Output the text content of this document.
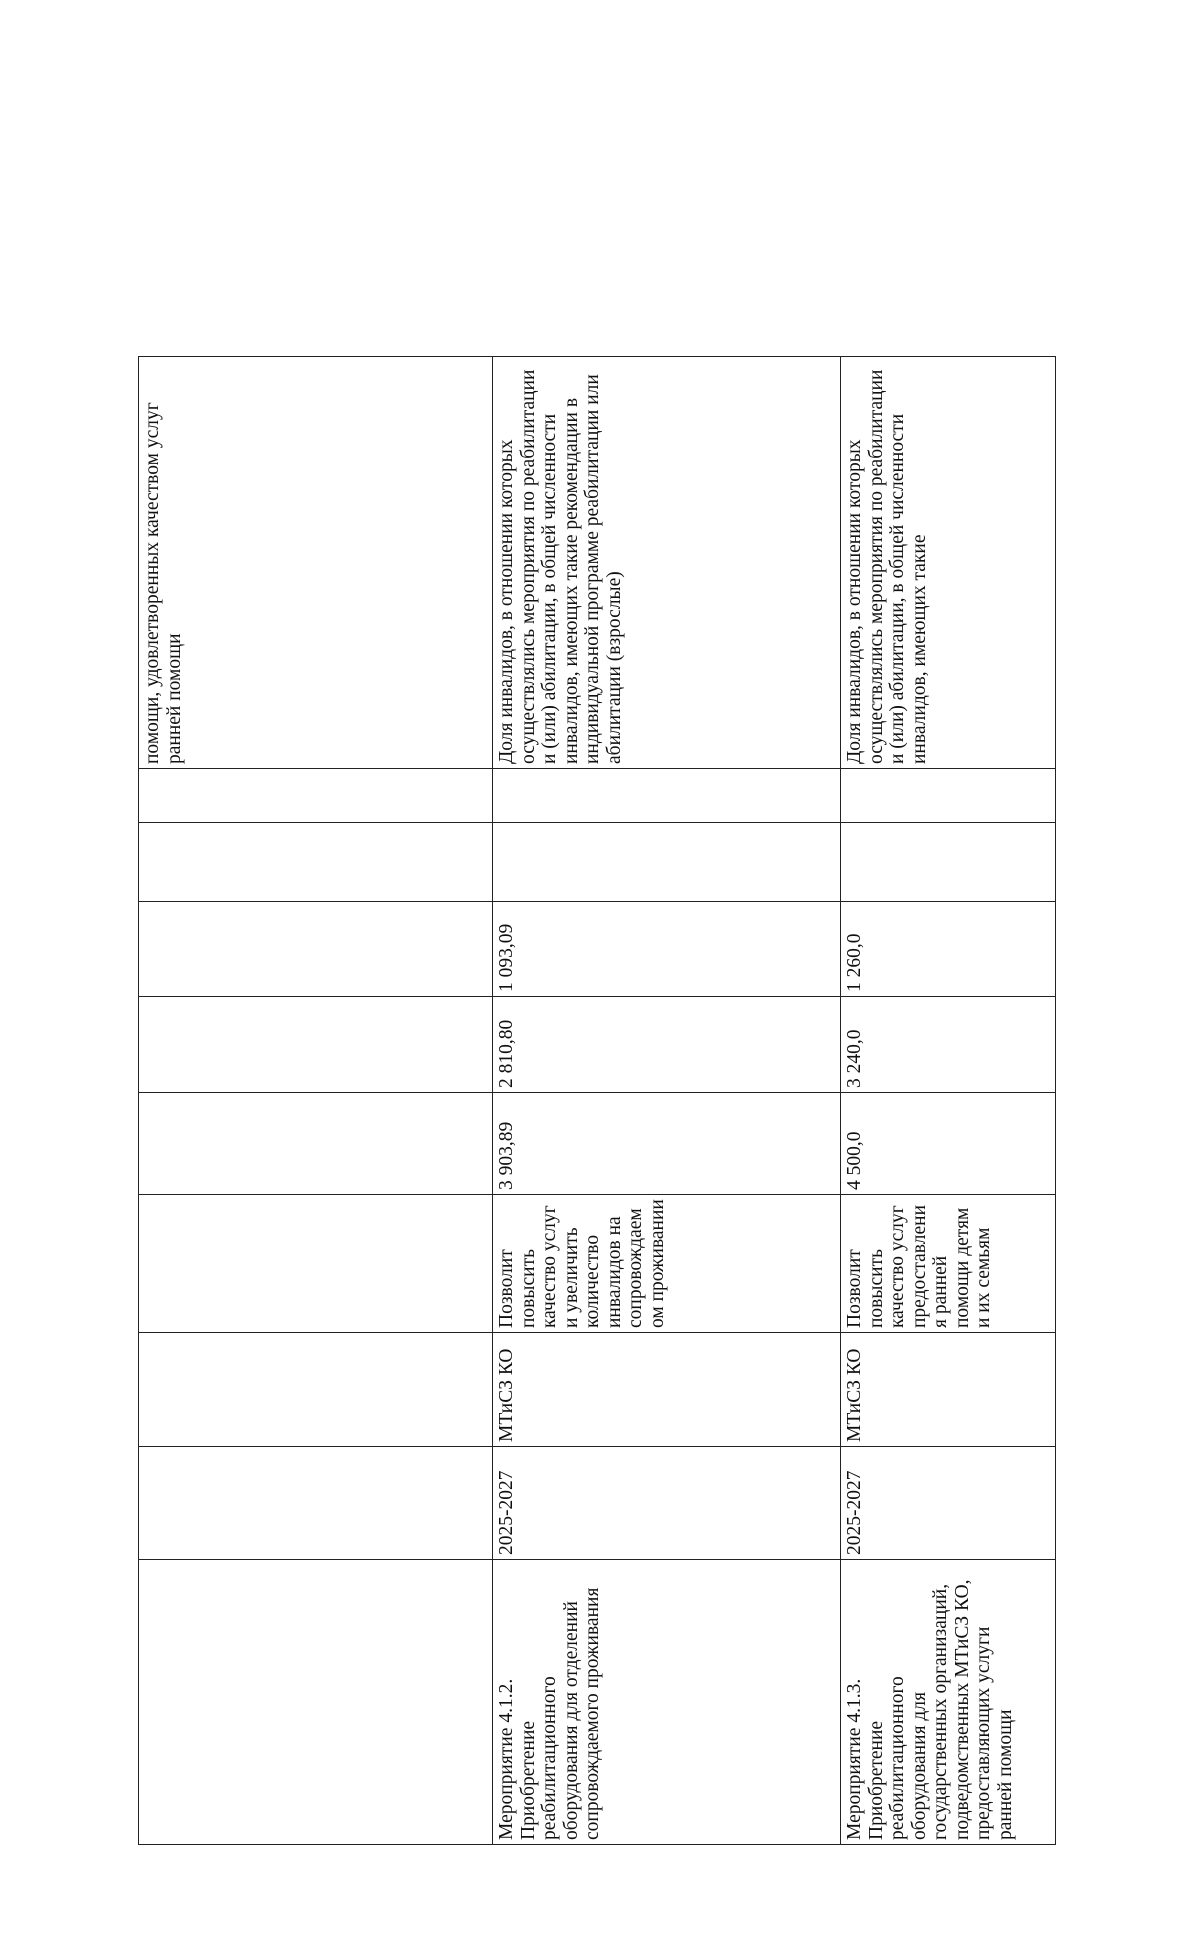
									помощи, удовлетворенных качеством услуг ранней помощи
Мероприятие 4.1.2. Приобретение реабилитационного оборудования для отделений сопровождаемого проживания	2025-2027	МТиСЗ КО	Позволит повысить качество услуг и увеличить количество инвалидов на сопровождаемом проживании	3 903,89	2 810,80	1 093,09			Доля инвалидов, в отношении которых осуществлялись мероприятия по реабилитации и (или) абилитации, в общей численности инвалидов, имеющих такие рекомендации в индивидуальной программе реабилитации или абилитации (взрослые)
Мероприятие 4.1.3. Приобретение реабилитационного оборудования для государственных организаций, подведомственных МТиСЗ КО, предоставляющих услуги ранней помощи	2025-2027	МТиСЗ КО	Позволит повысить качество услуг предоставления ранней помощи детям и их семьям	4 500,0	3 240,0	1 260,0			Доля инвалидов, в отношении которых осуществлялись мероприятия по реабилитации и (или) абилитации, в общей численности инвалидов, имеющих такие
